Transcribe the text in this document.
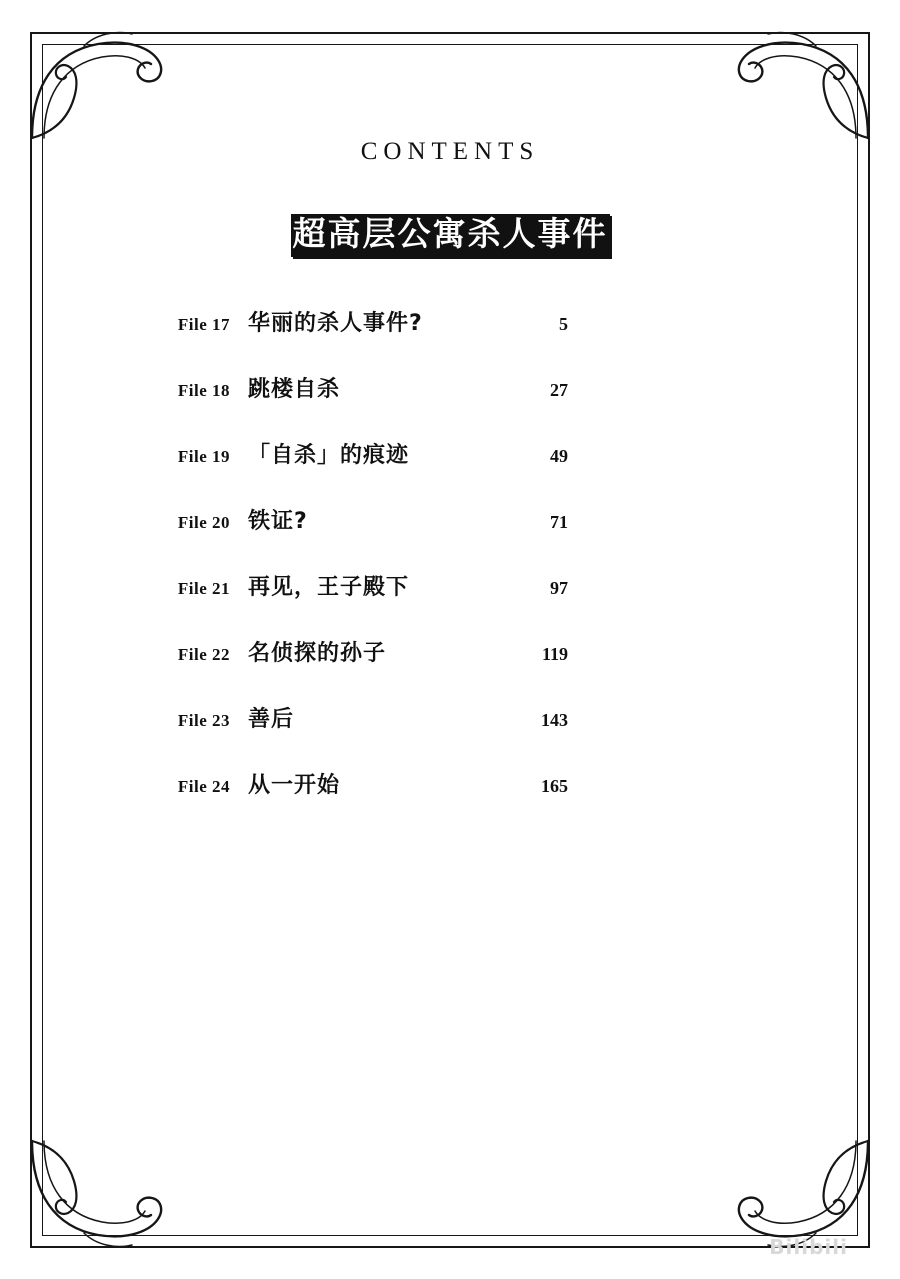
CONTENTS
超高层公寓杀人事件
File 17 华丽的杀人事件?	5
File 18 跳楼自杀	27
File 19 「自杀」的痕迹	49
File 20 铁证?	71
File 21 再见，王子殿下	97
File 22 名侦探的孙子	119
File 23 善后	143
File 24 从一开始	165
Bilibili
